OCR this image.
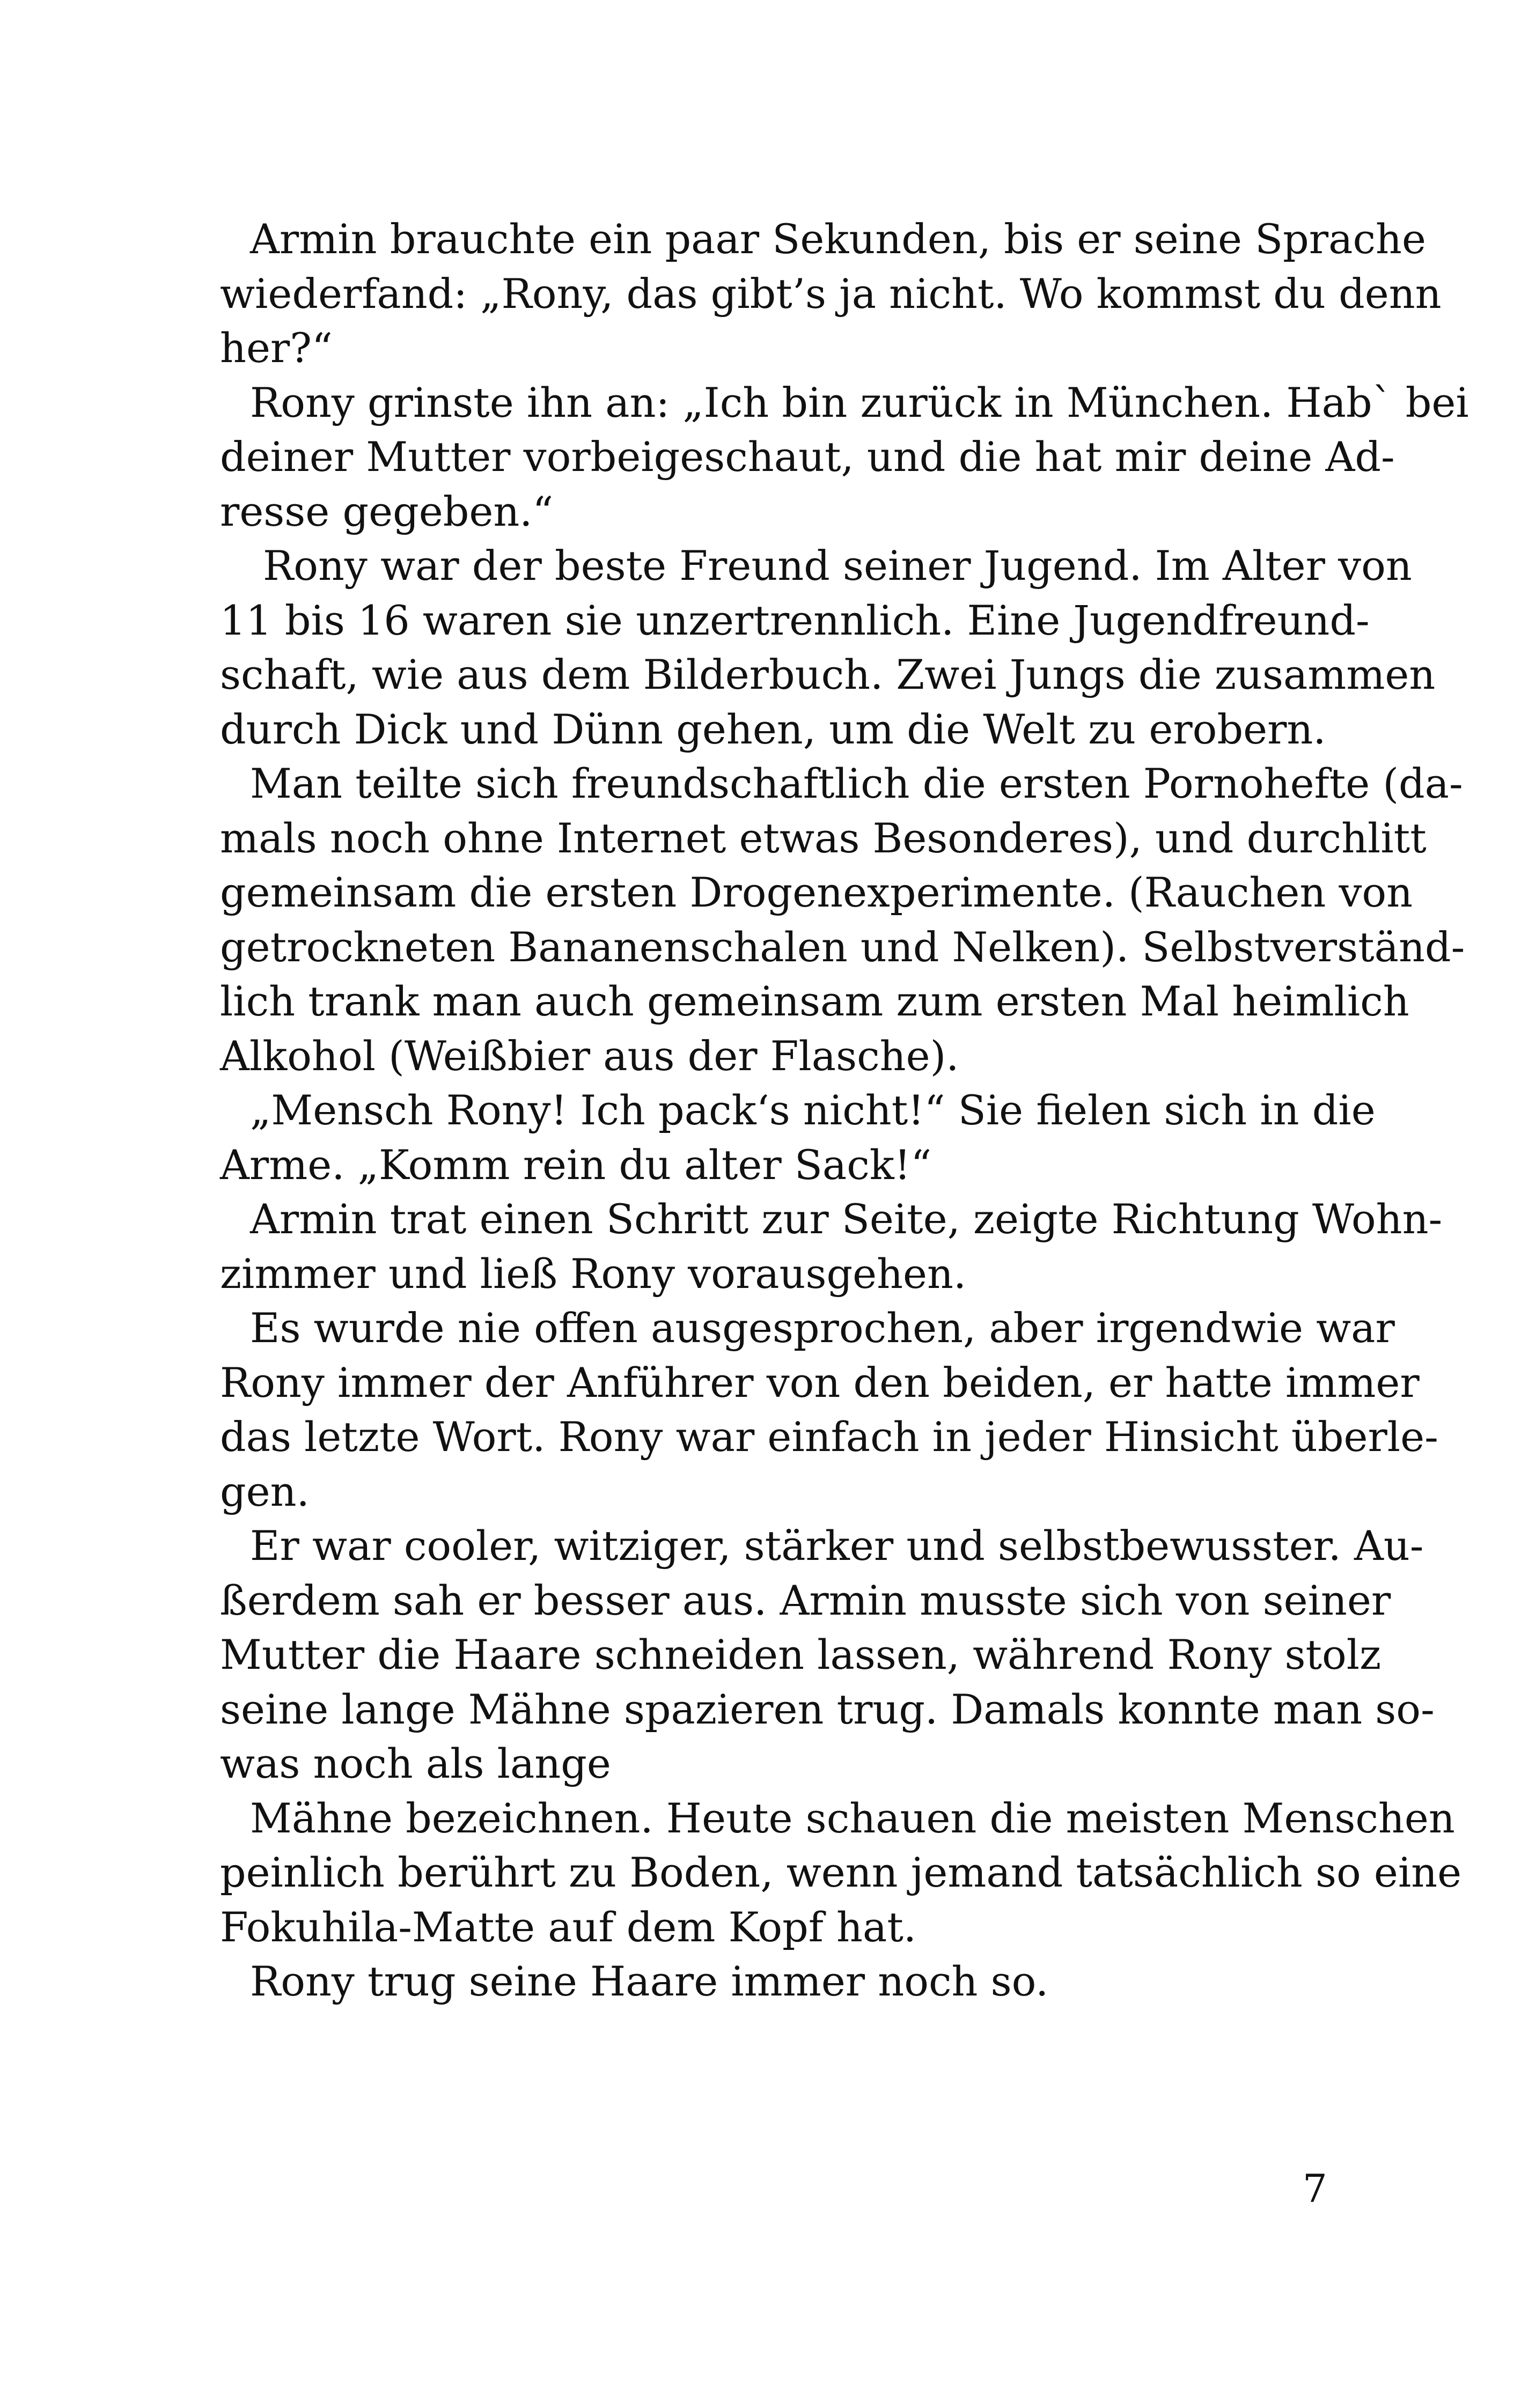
Armin brauchte ein paar Sekunden, bis er seine Sprache
wiederfand: „Rony, das gibt’s ja nicht. Wo kommst du denn
her?“
Rony grinste ihn an: „Ich bin zurück in München. Hab` bei
deiner Mutter vorbeigeschaut, und die hat mir deine Ad-
resse gegeben.“
Rony war der beste Freund seiner Jugend. Im Alter von
11 bis 16 waren sie unzertrennlich. Eine Jugendfreund-
schaft, wie aus dem Bilderbuch. Zwei Jungs die zusammen
durch Dick und Dünn gehen, um die Welt zu erobern.
Man teilte sich freundschaftlich die ersten Pornohefte (da-
mals noch ohne Internet etwas Besonderes), und durchlitt
gemeinsam die ersten Drogenexperimente. (Rauchen von
getrockneten Bananenschalen und Nelken). Selbstverständ-
lich trank man auch gemeinsam zum ersten Mal heimlich
Alkohol (Weißbier aus der Flasche).
„Mensch Rony! Ich pack‘s nicht!“ Sie fielen sich in die
Arme. „Komm rein du alter Sack!“
Armin trat einen Schritt zur Seite, zeigte Richtung Wohn-
zimmer und ließ Rony vorausgehen.
Es wurde nie offen ausgesprochen, aber irgendwie war
Rony immer der Anführer von den beiden, er hatte immer
das letzte Wort. Rony war einfach in jeder Hinsicht überle-
gen.
Er war cooler, witziger, stärker und selbstbewusster. Au-
ßerdem sah er besser aus. Armin musste sich von seiner
Mutter die Haare schneiden lassen, während Rony stolz
seine lange Mähne spazieren trug. Damals konnte man so-
was noch als lange
Mähne bezeichnen. Heute schauen die meisten Menschen
peinlich berührt zu Boden, wenn jemand tatsächlich so eine
Fokuhila-Matte auf dem Kopf hat.
Rony trug seine Haare immer noch so.
7
